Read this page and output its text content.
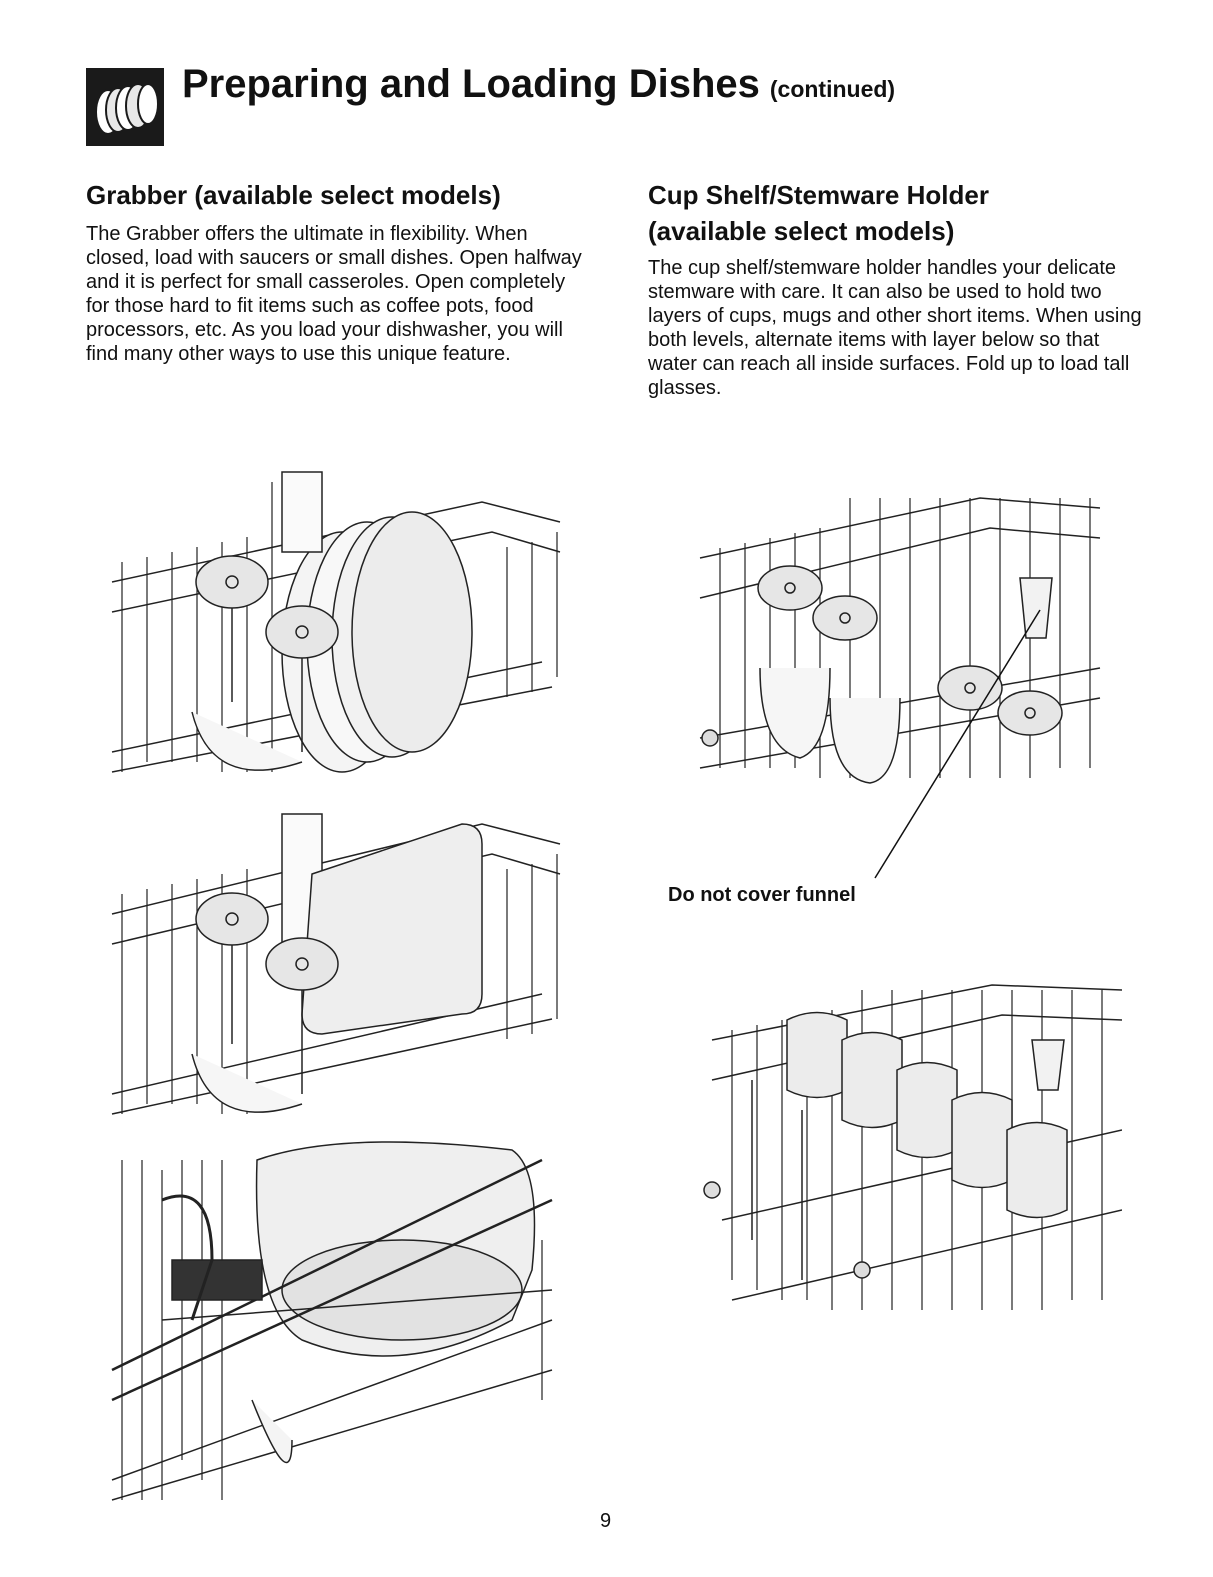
Preparing and Loading Dishes (continued)
Grabber (available select models)
The Grabber offers the ultimate in flexibility. When closed, load with saucers or small dishes. Open halfway and it is perfect for small casseroles. Open completely for those hard to fit items such as coffee pots, food processors, etc. As you load your dishwasher, you will find many other ways to use this unique feature.
Cup Shelf/Stemware Holder
(available select models)
The cup shelf/stemware holder handles your delicate stemware with care. It can also be used to hold two layers of cups, mugs and other short items. When using both levels, alternate items with layer below so that water can reach all inside surfaces. Fold up to load tall glasses.
Do not cover funnel
9
